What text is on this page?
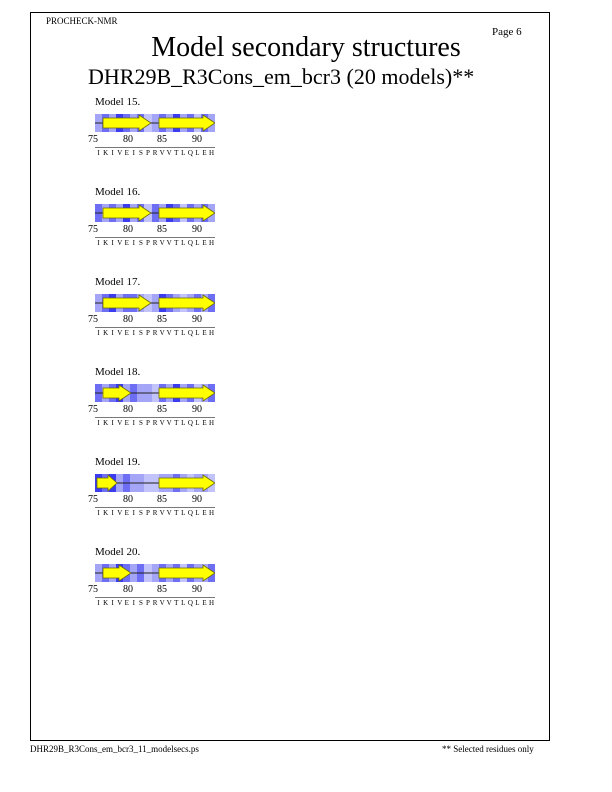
PROCHECK-NMR
Page 6
Model secondary structures
DHR29B_R3Cons_em_bcr3 (20 models)**
Model 15.
75	80 85	90
I K I V E I S P R V V T L Q L E H
Model 16.
75	80 85	90
I K I V E I S P R V V T L Q L E H
Model 17.
75	80 85	90
I K I V E I S P R V V T L Q L E H
Model 18.
75	80 85	90
I K I V E I S P R V V T L Q L E H
Model 19.
75	80 85	90
I K I V E I S P R V V T L Q L E H
Model 20.
75	80 85	90
I K I V E I S P R V V T L Q L E H
DHR29B_R3Cons_em_bcr3_11_modelsecs.ps	** Selected residues only
